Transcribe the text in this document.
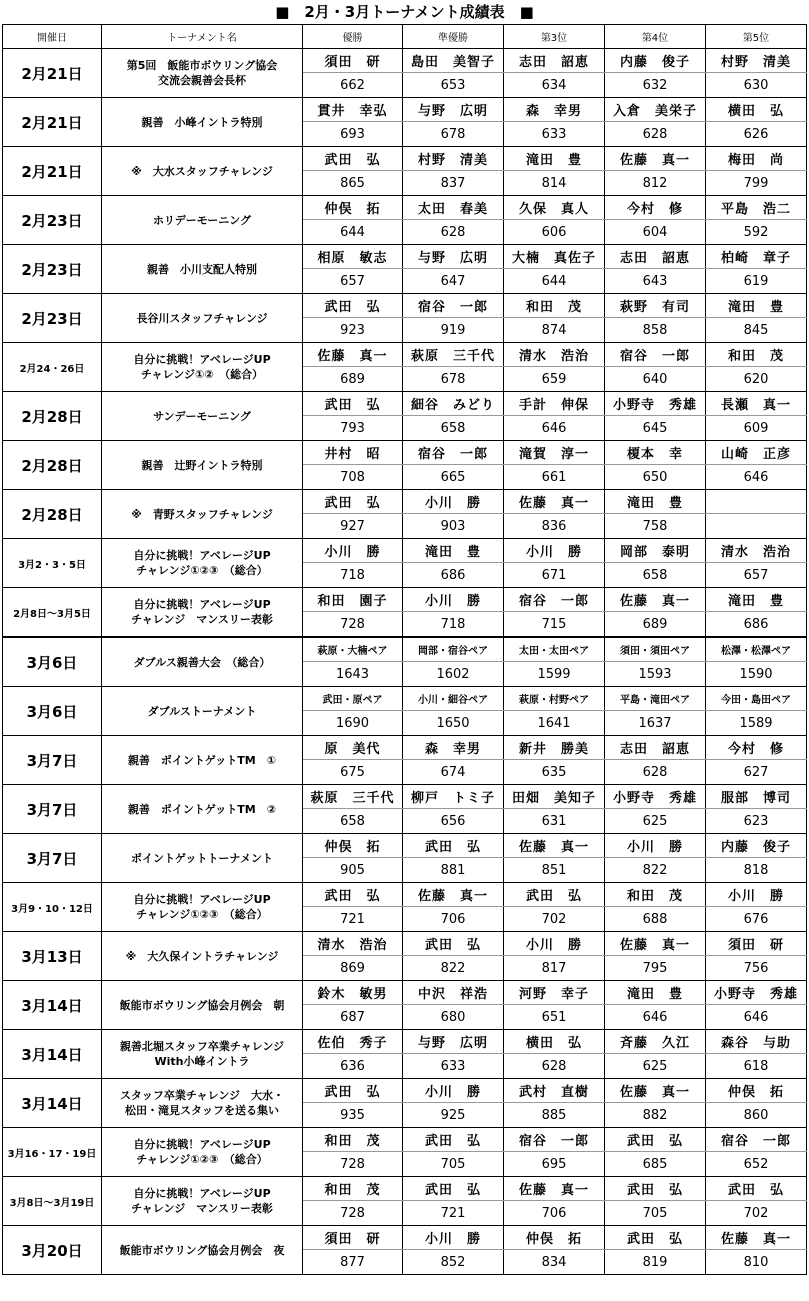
■　2月・3月トーナメント成績表　■
開催日	トーナメント名	優勝	準優勝	第3位	第4位	第5位
2月21日	第5回　飯能市ボウリング協会
交流会親善会長杯	須田　研	島田　美智子	志田　詔恵	内藤　俊子	村野　清美
		662	653	634	632	630
2月21日	親善　小峰イントラ特別	貫井　幸弘	与野　広明	森　幸男	入倉　美栄子	横田　弘
		693	678	633	628	626
2月21日	※　大水スタッフチャレンジ	武田　弘	村野　清美	滝田　豊	佐藤　真一	梅田　尚
		865	837	814	812	799
2月23日	ホリデーモーニング	仲俣　拓	太田　春美	久保　真人	今村　修	平島　浩二
		644	628	606	604	592
2月23日	親善　小川支配人特別	相原　敏志	与野　広明	大楠　真佐子	志田　詔恵	柏崎　章子
		657	647	644	643	619
2月23日	長谷川スタッフチャレンジ	武田　弘	宿谷　一郎	和田　茂	萩野　有司	滝田　豊
		923	919	874	858	845
2月24・26日	自分に挑戦！アベレージUP
チャレンジ①②　（総合）	佐藤　真一	萩原　三千代	清水　浩治	宿谷　一郎	和田　茂
		689	678	659	640	620
2月28日	サンデーモーニング	武田　弘	細谷　みどり	手計　伸保	小野寺　秀雄	長瀬　真一
		793	658	646	645	609
2月28日	親善　辻野イントラ特別	井村　昭	宿谷　一郎	滝賀　淳一	榎本　幸	山崎　正彦
		708	665	661	650	646
2月28日	※　青野スタッフチャレンジ	武田　弘	小川　勝	佐藤　真一	滝田　豊	
		927	903	836	758	
3月2・3・5日	自分に挑戦！アベレージUP
チャレンジ①②③　（総合）	小川　勝	滝田　豊	小川　勝	岡部　泰明	清水　浩治
		718	686	671	658	657
2月8日～3月5日	自分に挑戦！アベレージUP
チャレンジ　マンスリー表彰	和田　園子	小川　勝	宿谷　一郎	佐藤　真一	滝田　豊
		728	718	715	689	686
3月6日	ダブルス親善大会　（総合）	萩原・大楠ペア	岡部・宿谷ペア	太田・太田ペア	須田・須田ペア	松澤・松澤ペア
		1643	1602	1599	1593	1590
3月6日	ダブルストーナメント	武田・原ペア	小川・細谷ペア	萩原・村野ペア	平島・滝田ペア	今田・島田ペア
		1690	1650	1641	1637	1589
3月7日	親善　ポイントゲットTM　①	原　美代	森　幸男	新井　勝美	志田　詔恵	今村　修
		675	674	635	628	627
3月7日	親善　ポイントゲットTM　②	萩原　三千代	柳戸　トミ子	田畑　美知子	小野寺　秀雄	服部　博司
		658	656	631	625	623
3月7日	ポイントゲットトーナメント	仲俣　拓	武田　弘	佐藤　真一	小川　勝	内藤　俊子
		905	881	851	822	818
3月9・10・12日	自分に挑戦！アベレージUP
チャレンジ①②③　（総合）	武田　弘	佐藤　真一	武田　弘	和田　茂	小川　勝
		721	706	702	688	676
3月13日	※　大久保イントラチャレンジ	清水　浩治	武田　弘	小川　勝	佐藤　真一	須田　研
		869	822	817	795	756
3月14日	飯能市ボウリング協会月例会　朝	鈴木　敏男	中沢　祥浩	河野　幸子	滝田　豊	小野寺　秀雄
		687	680	651	646	646
3月14日	親善北堀スタッフ卒業チャレンジ
With小峰イントラ	佐伯　秀子	与野　広明	横田　弘	斉藤　久江	森谷　与助
		636	633	628	625	618
3月14日	スタッフ卒業チャレンジ　大水・
松田・滝見スタッフを送る集い	武田　弘	小川　勝	武村　直樹	佐藤　真一	仲俣　拓
		935	925	885	882	860
3月16・17・19日	自分に挑戦！アベレージUP
チャレンジ①②③　（総合）	和田　茂	武田　弘	宿谷　一郎	武田　弘	宿谷　一郎
		728	705	695	685	652
3月8日～3月19日	自分に挑戦！アベレージUP
チャレンジ　マンスリー表彰	和田　茂	武田　弘	佐藤　真一	武田　弘	武田　弘
		728	721	706	705	702
3月20日	飯能市ボウリング協会月例会　夜	須田　研	小川　勝	仲俣　拓	武田　弘	佐藤　真一
		877	852	834	819	810
